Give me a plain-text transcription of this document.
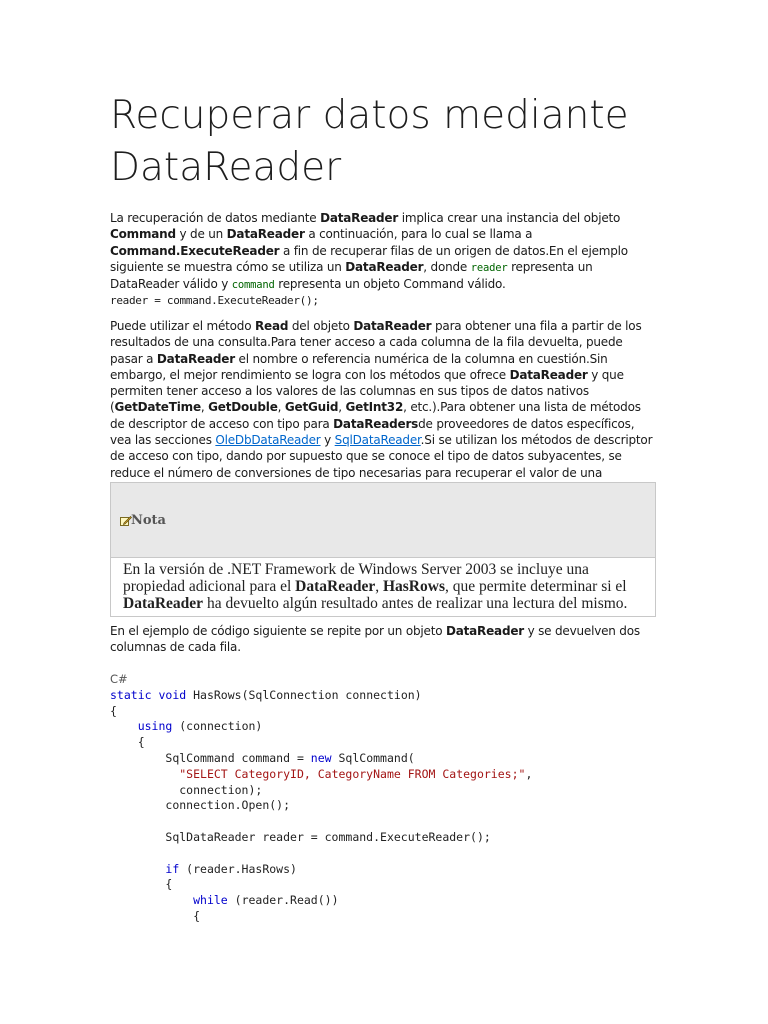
Recuperar datos mediante DataReader

La recuperación de datos mediante DataReader implica crear una instancia del objeto Command y de un DataReader a continuación, para lo cual se llama a Command.ExecuteReader a fin de recuperar filas de un origen de datos.En el ejemplo siguiente se muestra cómo se utiliza un DataReader, donde reader representa un DataReader válido y command representa un objeto Command válido.
reader = command.ExecuteReader();

Puede utilizar el método Read del objeto DataReader para obtener una fila a partir de los resultados de una consulta.Para tener acceso a cada columna de la fila devuelta, puede pasar a DataReader el nombre o referencia numérica de la columna en cuestión.Sin embargo, el mejor rendimiento se logra con los métodos que ofrece DataReader y que permiten tener acceso a los valores de las columnas en sus tipos de datos nativos (GetDateTime, GetDouble, GetGuid, GetInt32, etc.).Para obtener una lista de métodos de descriptor de acceso con tipo para DataReadersde proveedores de datos específicos, vea las secciones OleDbDataReader y SqlDataReader.Si se utilizan los métodos de descriptor de acceso con tipo, dando por supuesto que se conoce el tipo de datos subyacentes, se reduce el número de conversiones de tipo necesarias para recuperar el valor de una

Nota
En la versión de .NET Framework de Windows Server 2003 se incluye una propiedad adicional para el DataReader, HasRows, que permite determinar si el DataReader ha devuelto algún resultado antes de realizar una lectura del mismo.

En el ejemplo de código siguiente se repite por un objeto DataReader y se devuelven dos columnas de cada fila.

C#
static void HasRows(SqlConnection connection)
{
using (connection)
{
SqlCommand command = new SqlCommand(
"SELECT CategoryID, CategoryName FROM Categories;",
connection);
connection.Open();

SqlDataReader reader = command.ExecuteReader();

if (reader.HasRows)
{
while (reader.Read())
{
